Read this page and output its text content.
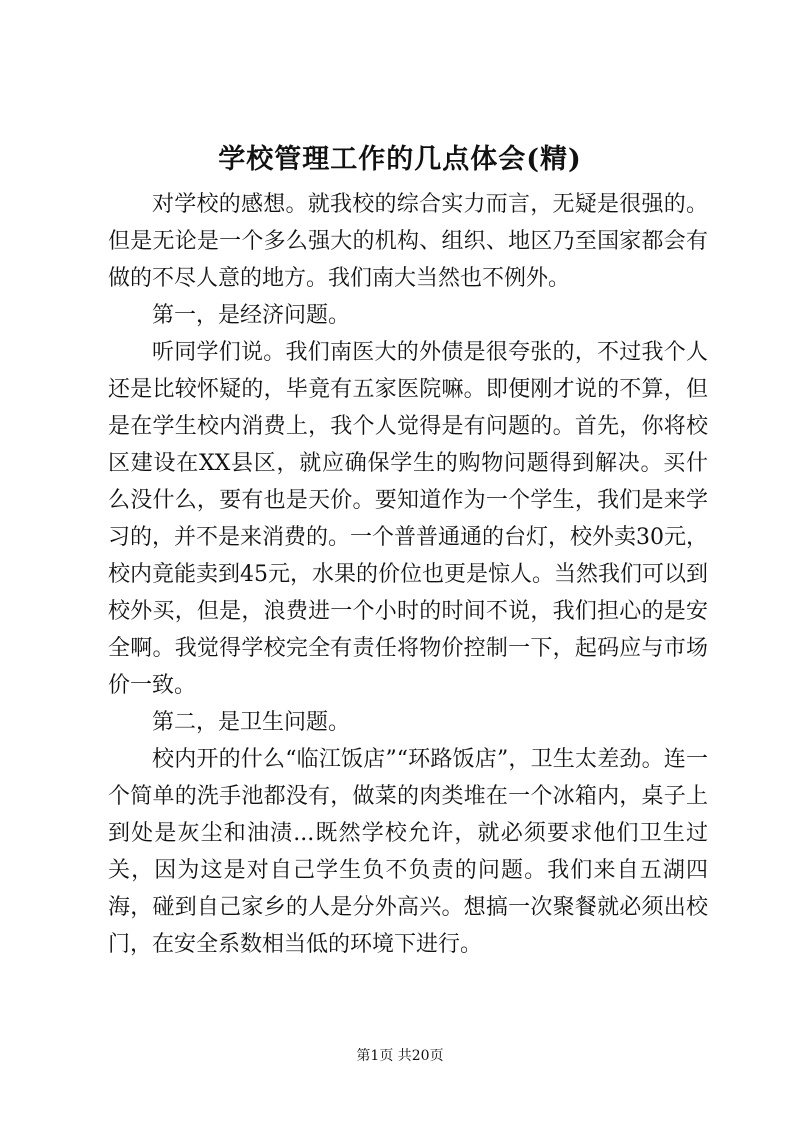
学校管理工作的几点体会(精)

对学校的感想。就我校的综合实力而言，无疑是很强的。但是无论是一个多么强大的机构、组织、地区乃至国家都会有做的不尽人意的地方。我们南大当然也不例外。

第一，是经济问题。

听同学们说。我们南医大的外债是很夸张的，不过我个人还是比较怀疑的，毕竟有五家医院嘛。即便刚才说的不算，但是在学生校内消费上，我个人觉得是有问题的。首先，你将校区建设在XX县区，就应确保学生的购物问题得到解决。买什么没什么，要有也是天价。要知道作为一个学生，我们是来学习的，并不是来消费的。一个普普通通的台灯，校外卖30元，校内竟能卖到45元，水果的价位也更是惊人。当然我们可以到校外买，但是，浪费进一个小时的时间不说，我们担心的是安全啊。我觉得学校完全有责任将物价控制一下，起码应与市场价一致。

第二，是卫生问题。

校内开的什么“临江饭店”“环路饭店”，卫生太差劲。连一个简单的洗手池都没有，做菜的肉类堆在一个冰箱内，桌子上到处是灰尘和油渍...既然学校允许，就必须要求他们卫生过关，因为这是对自己学生负不负责的问题。我们来自五湖四海，碰到自己家乡的人是分外高兴。想搞一次聚餐就必须出校门，在安全系数相当低的环境下进行。

第1页 共20页
